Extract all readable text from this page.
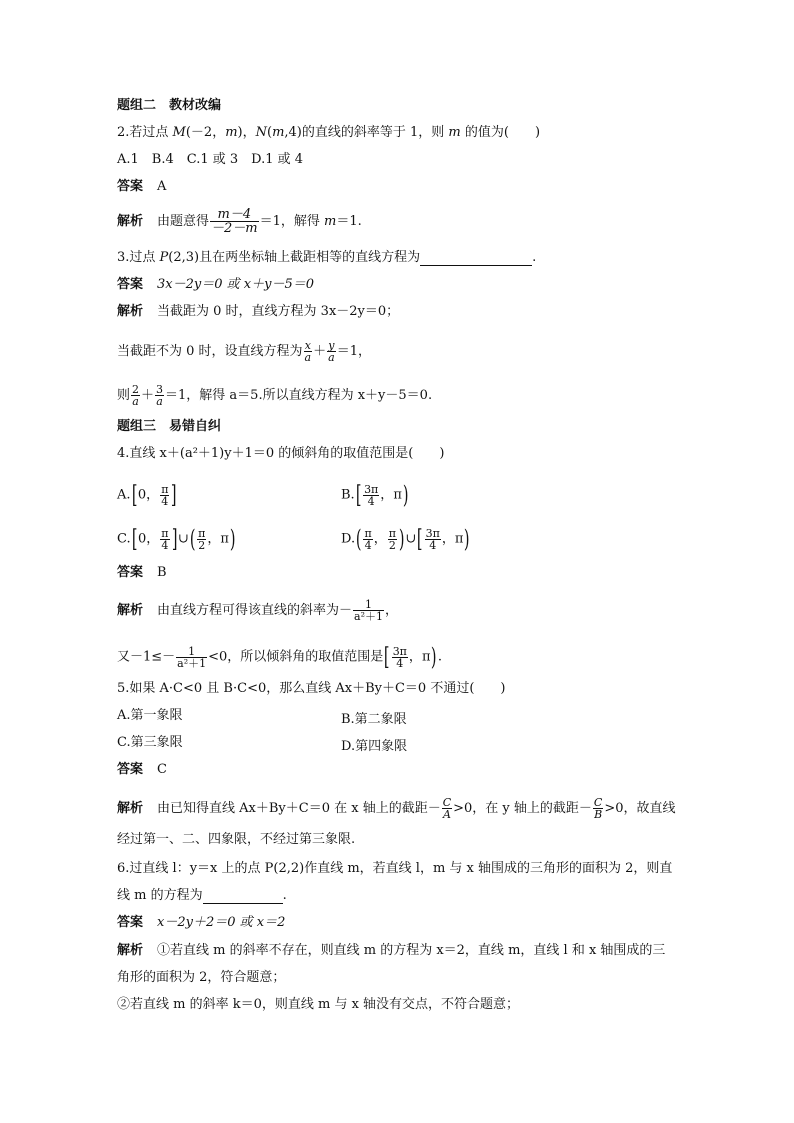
题组二　教材改编
2.若过点 M(－2，m)，N(m,4)的直线的斜率等于 1，则 m 的值为(　　)
A.1　B.4　C.1 或 3　D.1 或 4
答案 A
解析 由题意得 $\frac{m-4}{-2-m} =1$，解得 m＝1.
3.过点 P(2,3)且在两坐标轴上截距相等的直线方程为	.
答案 3x－2y＝0 或 x＋y－5＝0
解析 当截距为 0 时，直线方程为 3x－2y＝0；
当截距不为 0 时，设直线方程为 $\frac{x}{a} + \frac{y}{a} =1$，
则 $\frac{2}{a} + \frac{3}{a} =1$，解得 a＝5.所以直线方程为 x＋y－5＝0.
题组三　易错自纠
4.直线 x＋(a²＋1)y＋1＝0 的倾斜角的取值范围是(　　)
A.[0， $\frac{\pi}{4}$ ]	$B.[ \frac{3\pi}{4}$ ，π)
C.[0， $\frac{\pi}{4}$ ]∪( $\frac{\pi}{2}$ ，π)	$D.( \frac{\pi}{4}$ ， $\frac{\pi}{2}$ )∪[ $\frac{3\pi}{4}$ ，π)
答案 B
解析 由直线方程可得该直线的斜率为－ $\frac{1}{\text{a²＋1}}$ ，
又$-1\le- \frac{1}{\text{a²＋1}} <0$，所以倾斜角的取值范围是[ $\frac{3\pi}{4}$ ，π).
5.如果 A·C<0 且 B·C<0，那么直线 Ax＋By＋C＝0 不通过(　　)
A.第一象限	B.第二象限
C.第三象限	D.第四象限
答案 C
解析 由已知得直线 Ax＋By＋C＝0 在 x 轴上的截距－ $\frac{C}{A} >0$，在 y 轴上的截距－ $\frac{C}{B} >0$，故直线
经过第一、二、四象限，不经过第三象限.
6.过直线 l：y＝x 上的点 P(2,2)作直线 m，若直线 l，m 与 x 轴围成的三角形的面积为 2，则直
线 m 的方程为	.
答案 x－2y＋2＝0 或 x＝2
解析 ①若直线 m 的斜率不存在，则直线 m 的方程为 x＝2，直线 m，直线 l 和 x 轴围成的三
角形的面积为 2，符合题意；
②若直线 m 的斜率 k＝0，则直线 m 与 x 轴没有交点，不符合题意；
